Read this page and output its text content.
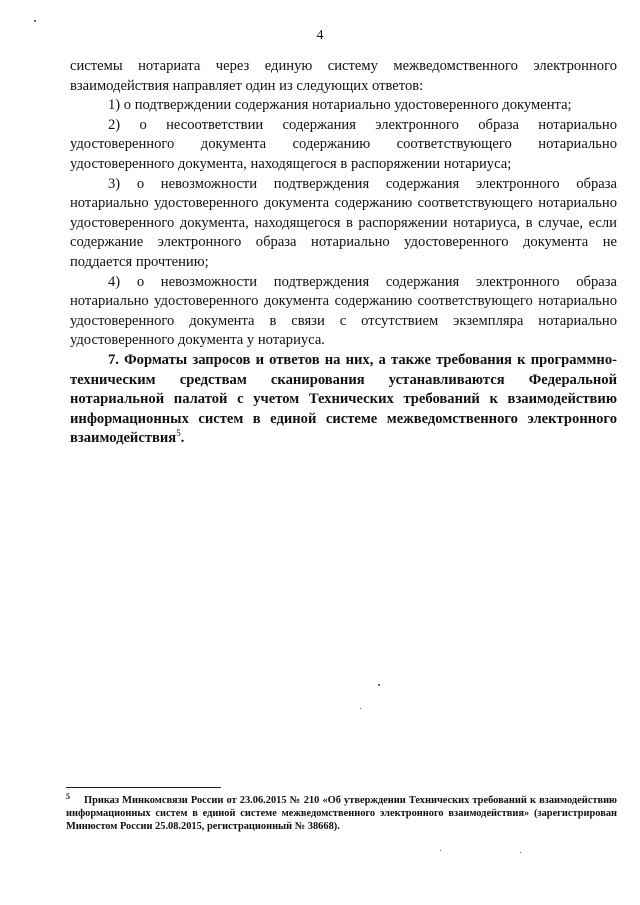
4

системы нотариата через единую систему межведомственного электронного взаимодействия направляет один из следующих ответов:

1) о подтверждении содержания нотариально удостоверенного документа;

2) о несоответствии содержания электронного образа нотариально удостоверенного документа содержанию соответствующего нотариально удостоверенного документа, находящегося в распоряжении нотариуса;

3) о невозможности подтверждения содержания электронного образа нотариально удостоверенного документа содержанию соответствующего нотариально удостоверенного документа, находящегося в распоряжении нотариуса, в случае, если содержание электронного образа нотариально удостоверенного документа не поддается прочтению;

4) о невозможности подтверждения содержания электронного образа нотариально удостоверенного документа содержанию соответствующего нотариально удостоверенного документа в связи с отсутствием экземпляра нотариально удостоверенного документа у нотариуса.

7. Форматы запросов и ответов на них, а также требования к программно-техническим средствам сканирования устанавливаются Федеральной нотариальной палатой с учетом Технических требований к взаимодействию информационных систем в единой системе межведомственного электронного взаимодействия$^5$.

$^5$ Приказ Минкомсвязи России от 23.06.2015 № 210 «Об утверждении Технических требований к взаимодействию информационных систем в единой системе межведомственного электронного взаимодействия» (зарегистрирован Минюстом России 25.08.2015, регистрационный № 38668).
